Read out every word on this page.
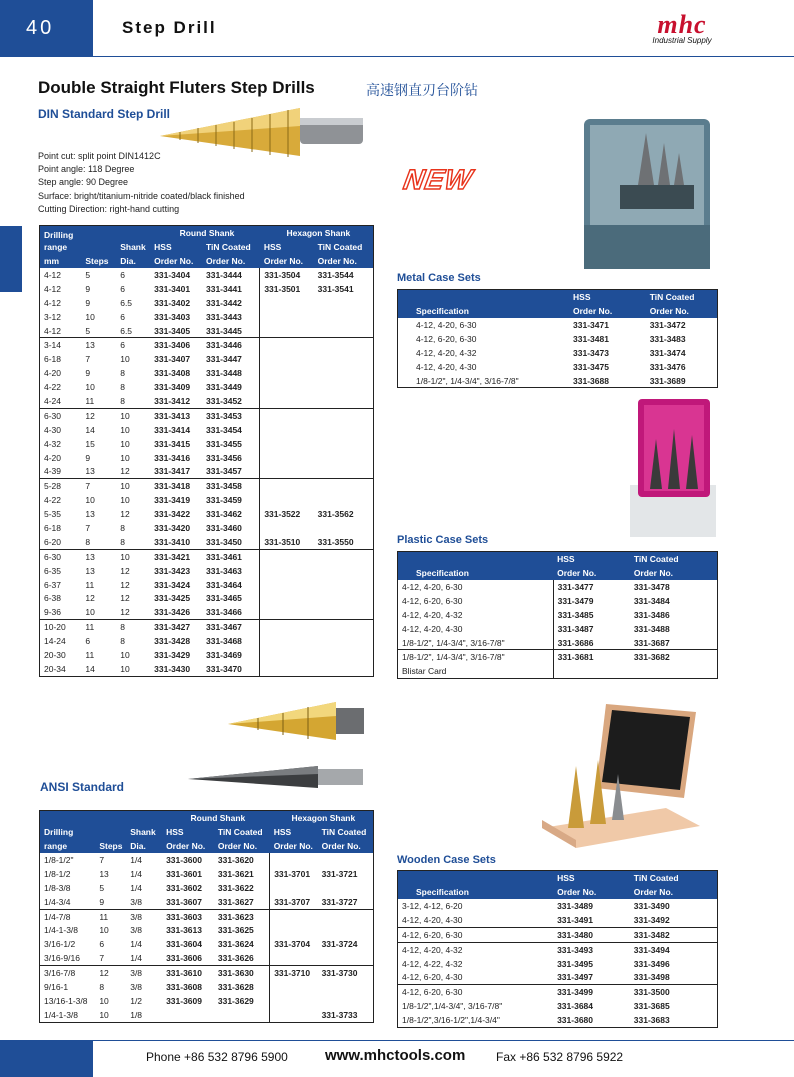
40	Step Drill	mhc
Industrial Supply
Double Straight Fluters Step Drills	高速钢直刃台阶钻
DIN Standard Step Drill
Point cut: split point DIN1412C
Point angle: 118 Degree
Step angle: 90 Degree
Surface: bright/titanium-nitride coated/black finished
Cutting Direction: right-hand cutting
Drilling			Round Shank		Hexagon Shank	
range		Shank	HSS	TiN Coated	HSS	TiN Coated
mm	Steps	Dia.	Order No.	Order No.	Order No.	Order No.
4-12	5	6	331-3404	331-3444	331-3504	331-3544
4-12	9	6	331-3401	331-3441	331-3501	331-3541
4-12	9	6.5	331-3402	331-3442		
3-12	10	6	331-3403	331-3443		
4-12	5	6.5	331-3405	331-3445		
3-14	13	6	331-3406	331-3446		
6-18	7	10	331-3407	331-3447		
4-20	9	8	331-3408	331-3448		
4-22	10	8	331-3409	331-3449		
4-24	11	8	331-3412	331-3452		
6-30	12	10	331-3413	331-3453		
4-30	14	10	331-3414	331-3454		
4-32	15	10	331-3415	331-3455		
4-20	9	10	331-3416	331-3456		
4-39	13	12	331-3417	331-3457		
5-28	7	10	331-3418	331-3458		
4-22	10	10	331-3419	331-3459		
5-35	13	12	331-3422	331-3462	331-3522	331-3562
6-18	7	8	331-3420	331-3460		
6-20	8	8	331-3410	331-3450	331-3510	331-3550
6-30	13	10	331-3421	331-3461		
6-35	13	12	331-3423	331-3463		
6-37	11	12	331-3424	331-3464		
6-38	12	12	331-3425	331-3465		
9-36	10	12	331-3426	331-3466		
10-20	11	8	331-3427	331-3467		
14-24	6	8	331-3428	331-3468		
20-30	11	10	331-3429	331-3469		
20-34	14	10	331-3430	331-3470		
ANSI Standard
			Round Shank		Hexagon Shank	
Drilling		Shank	HSS	TiN Coated	HSS	TiN Coated
range	Steps	Dia.	Order No.	Order No.	Order No.	Order No.
1/8-1/2"	7	1/4	331-3600	331-3620		
1/8-1/2	13	1/4	331-3601	331-3621	331-3701	331-3721
1/8-3/8	5	1/4	331-3602	331-3622		
1/4-3/4	9	3/8	331-3607	331-3627	331-3707	331-3727
1/4-7/8	11	3/8	331-3603	331-3623		
1/4-1-3/8	10	3/8	331-3613	331-3625		
3/16-1/2	6	1/4	331-3604	331-3624	331-3704	331-3724
3/16-9/16	7	1/4	331-3606	331-3626		
3/16-7/8	12	3/8	331-3610	331-3630	331-3710	331-3730
9/16-1	8	3/8	331-3608	331-3628		
13/16-1-3/8	10	1/2	331-3609	331-3629		
1/4-1-3/8	10	1/8				331-3733
NEW
Metal Case Sets
	HSS	TiN Coated
Specification	Order No.	Order No.
4-12, 4-20, 6-30	331-3471	331-3472
4-12, 6-20, 6-30	331-3481	331-3483
4-12, 4-20, 4-32	331-3473	331-3474
4-12, 4-20, 4-30	331-3475	331-3476
1/8-1/2", 1/4-3/4", 3/16-7/8"	331-3688	331-3689
Plastic Case Sets
	HSS	TiN Coated
Specification	Order No.	Order No.
4-12, 4-20, 6-30	331-3477	331-3478
4-12, 6-20, 6-30	331-3479	331-3484
4-12, 4-20, 4-32	331-3485	331-3486
4-12, 4-20, 4-30	331-3487	331-3488
1/8-1/2", 1/4-3/4", 3/16-7/8"	331-3686	331-3687
1/8-1/2", 1/4-3/4", 3/16-7/8"	331-3681	331-3682
Blistar Card		
Wooden Case Sets
	HSS	TiN Coated
Specification	Order No.	Order No.
3-12, 4-12, 6-20	331-3489	331-3490
4-12, 4-20, 4-30	331-3491	331-3492
4-12, 6-20, 6-30	331-3480	331-3482
4-12, 4-20, 4-32	331-3493	331-3494
4-12, 4-22, 4-32	331-3495	331-3496
4-12, 6-20, 4-30	331-3497	331-3498
4-12, 6-20, 6-30	331-3499	331-3500
1/8-1/2",1/4-3/4", 3/16-7/8"	331-3684	331-3685
1/8-1/2",3/16-1/2",1/4-3/4"	331-3680	331-3683
Phone +86 532 8796 5900 www.mhctools.com	Fax +86 532 8796 5922
